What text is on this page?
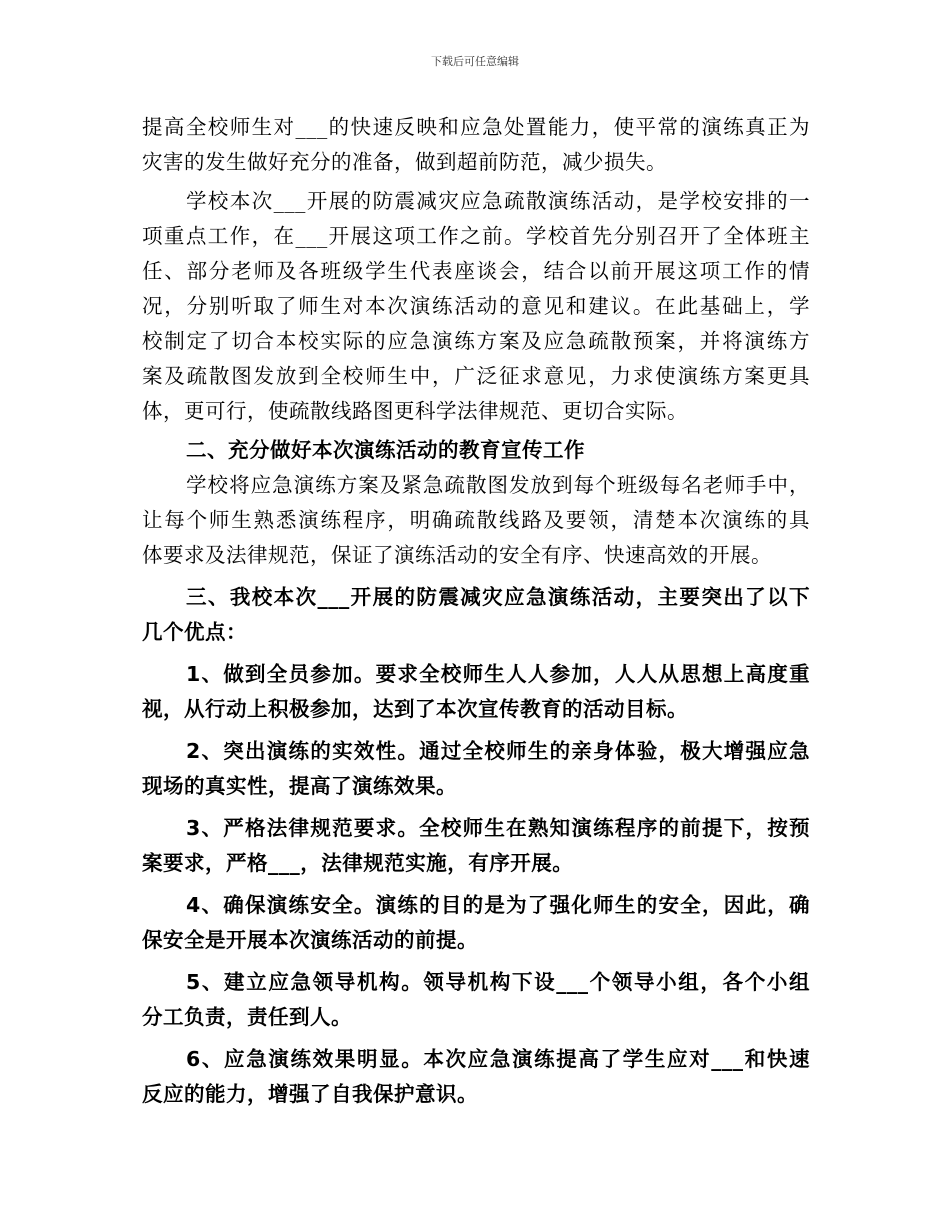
下载后可任意编辑
提高全校师生对___的快速反映和应急处置能力，使平常的演练真正为
灾害的发生做好充分的准备，做到超前防范，减少损失。
学校本次___开展的防震减灾应急疏散演练活动，是学校安排的一
项重点工作，在___开展这项工作之前。学校首先分别召开了全体班主
任、部分老师及各班级学生代表座谈会，结合以前开展这项工作的情
况，分别听取了师生对本次演练活动的意见和建议。在此基础上，学
校制定了切合本校实际的应急演练方案及应急疏散预案，并将演练方
案及疏散图发放到全校师生中，广泛征求意见，力求使演练方案更具
体，更可行，使疏散线路图更科学法律规范、更切合实际。
二、充分做好本次演练活动的教育宣传工作
学校将应急演练方案及紧急疏散图发放到每个班级每名老师手中，
让每个师生熟悉演练程序，明确疏散线路及要领，清楚本次演练的具
体要求及法律规范，保证了演练活动的安全有序、快速高效的开展。
三、我校本次___开展的防震减灾应急演练活动，主要突出了以下
几个优点：
1、做到全员参加。要求全校师生人人参加，人人从思想上高度重
视，从行动上积极参加，达到了本次宣传教育的活动目标。
2、突出演练的实效性。通过全校师生的亲身体验，极大增强应急
现场的真实性，提高了演练效果。
3、严格法律规范要求。全校师生在熟知演练程序的前提下，按预
案要求，严格___，法律规范实施，有序开展。
4、确保演练安全。演练的目的是为了强化师生的安全，因此，确
保安全是开展本次演练活动的前提。
5、建立应急领导机构。领导机构下设___个领导小组，各个小组
分工负责，责任到人。
6、应急演练效果明显。本次应急演练提高了学生应对___和快速
反应的能力，增强了自我保护意识。
